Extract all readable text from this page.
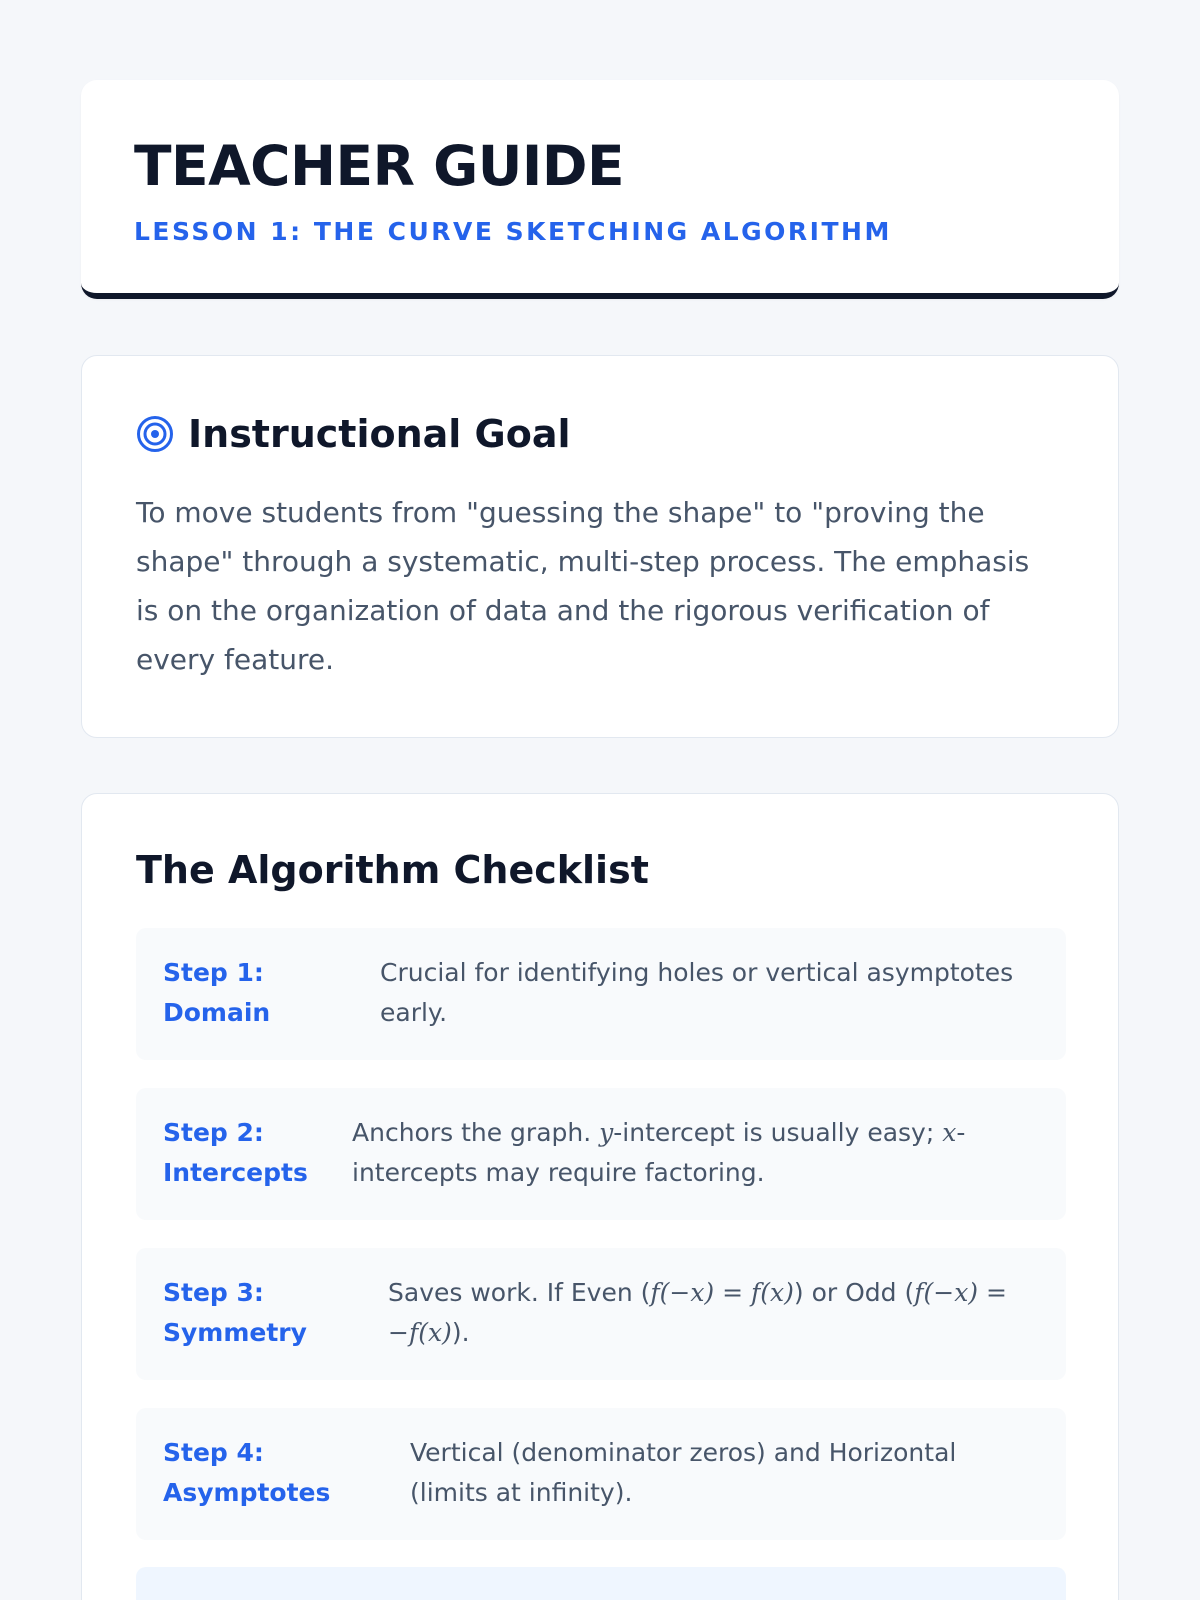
TEACHER GUIDE

LESSON 1: THE CURVE SKETCHING ALGORITHM

Instructional Goal

To move students from "guessing the shape" to "proving the shape" through a systematic, multi-step process. The emphasis is on the organization of data and the rigorous verification of every feature.

The Algorithm Checklist

Step 1:
Domain

Crucial for identifying holes or vertical asymptotes early.

Step 2:
Intercepts

Anchors the graph. y-intercept is usually easy; x-intercepts may require factoring.

Step 3:
Symmetry

Saves work. If Even (f(−x) = f(x)) or Odd (f(−x) = −f(x)).

Step 4:
Asymptotes

Vertical (denominator zeros) and Horizontal (limits at infinity).
